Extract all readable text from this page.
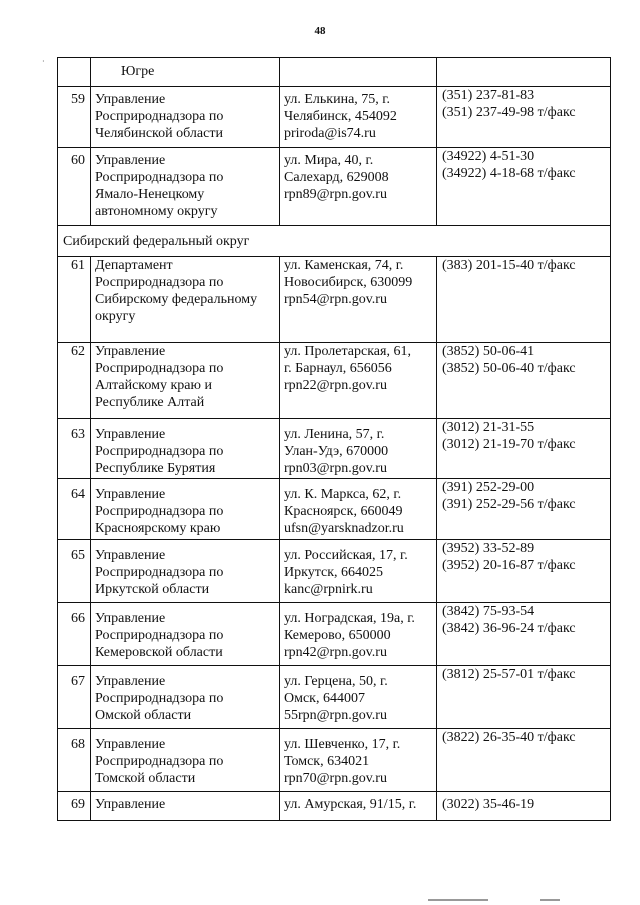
48
·

	Югре		

59	Управление
Росприроднадзора по
Челябинской области	ул. Елькина, 75, г.
Челябинск, 454092
priroda@is74.ru	(351) 237-81-83
(351) 237-49-98 т/факс

60	Управление
Росприроднадзора по
Ямало-Ненецкому
автономному округу	ул. Мира, 40, г.
Салехард, 629008
rpn89@rpn.gov.ru	(34922) 4-51-30
(34922) 4-18-68 т/факс

Сибирский федеральный округ			

61	Департамент
Росприроднадзора по
Сибирскому федеральному
округу	ул. Каменская, 74, г.
Новосибирск, 630099
rpn54@rpn.gov.ru	(383) 201-15-40 т/факс

62	Управление
Росприроднадзора по
Алтайскому краю и
Республике Алтай	ул. Пролетарская, 61,
г. Барнаул, 656056
rpn22@rpn.gov.ru	(3852) 50-06-41
(3852) 50-06-40 т/факс

63	Управление
Росприроднадзора по
Республике Бурятия	ул. Ленина, 57, г.
Улан-Удэ, 670000
rpn03@rpn.gov.ru	(3012) 21-31-55
(3012) 21-19-70 т/факс

64	Управление
Росприроднадзора по
Красноярскому краю	ул. К. Маркса, 62, г.
Красноярск, 660049
ufsn@yarsknadzor.ru	(391) 252-29-00
(391) 252-29-56 т/факс

65	Управление
Росприроднадзора по
Иркутской области	ул. Российская, 17, г.
Иркутск, 664025
kanc@rpnirk.ru	(3952) 33-52-89
(3952) 20-16-87 т/факс

66	Управление
Росприроднадзора по
Кемеровской области	ул. Ноградская, 19а, г.
Кемерово, 650000
rpn42@rpn.gov.ru	(3842) 75-93-54
(3842) 36-96-24 т/факс

67	Управление
Росприроднадзора по
Омской области	ул. Герцена, 50, г.
Омск, 644007
55rpn@rpn.gov.ru	(3812) 25-57-01 т/факс

68	Управление
Росприроднадзора по
Томской области	ул. Шевченко, 17, г.
Томск, 634021
rpn70@rpn.gov.ru	(3822) 26-35-40 т/факс

69	Управление	ул. Амурская, 91/15, г.	(3022) 35-46-19
